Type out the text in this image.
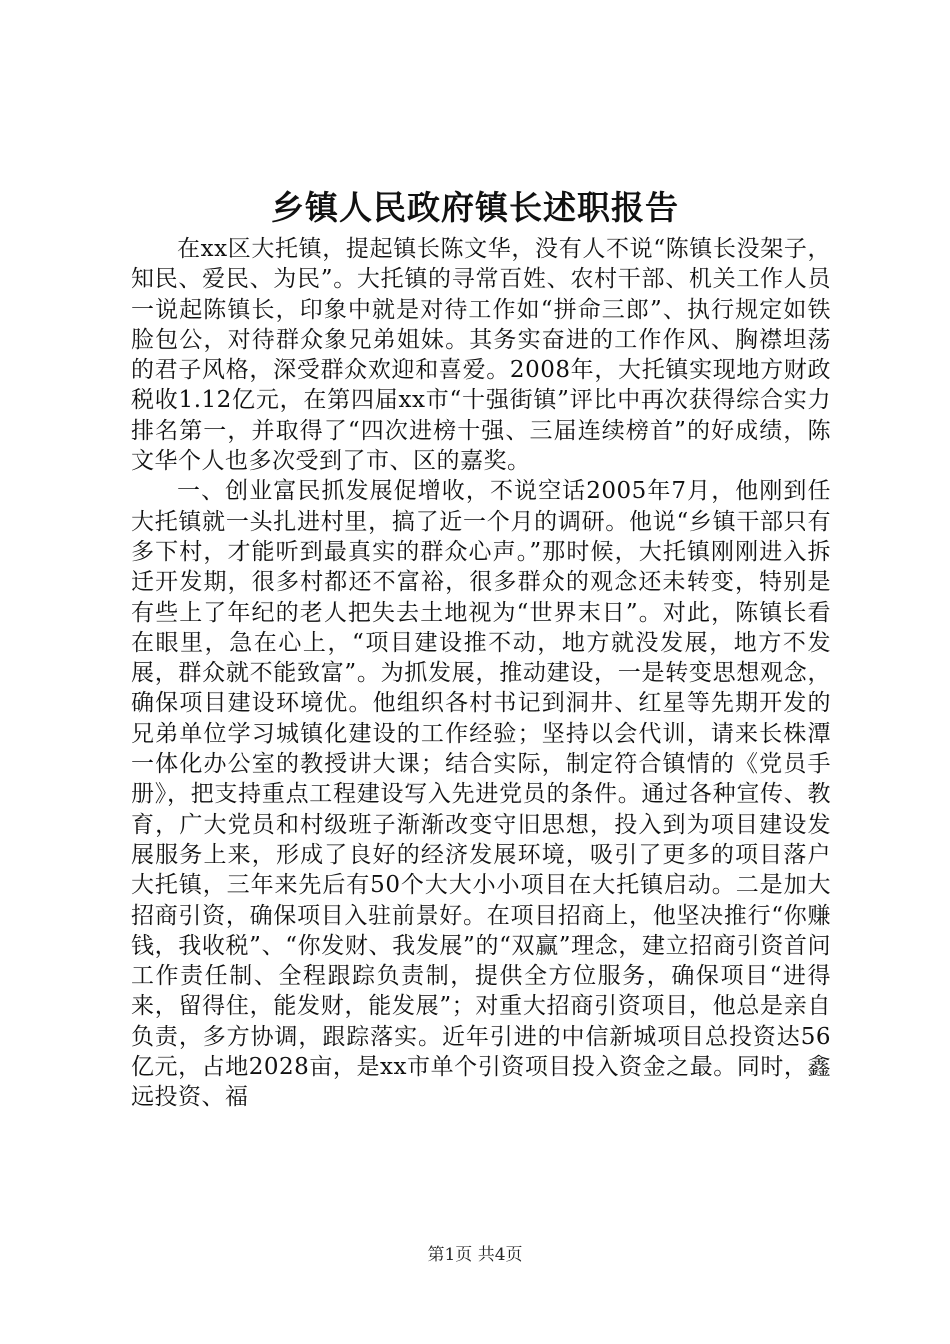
乡镇人民政府镇长述职报告

在xx区大托镇，提起镇长陈文华，没有人不说“陈镇长没架子，知民、爱民、为民”。大托镇的寻常百姓、农村干部、机关工作人员一说起陈镇长，印象中就是对待工作如“拼命三郎”、执行规定如铁脸包公，对待群众象兄弟姐妹。其务实奋进的工作作风、胸襟坦荡的君子风格，深受群众欢迎和喜爱。2008年，大托镇实现地方财政税收1.12亿元，在第四届xx市“十强街镇”评比中再次获得综合实力排名第一，并取得了“四次进榜十强、三届连续榜首”的好成绩，陈文华个人也多次受到了市、区的嘉奖。

一、创业富民抓发展促增收，不说空话2005年7月，他刚到任大托镇就一头扎进村里，搞了近一个月的调研。他说“乡镇干部只有多下村，才能听到最真实的群众心声。”那时候，大托镇刚刚进入拆迁开发期，很多村都还不富裕，很多群众的观念还未转变，特别是有些上了年纪的老人把失去土地视为“世界末日”。对此，陈镇长看在眼里，急在心上，“项目建设推不动，地方就没发展，地方不发展，群众就不能致富”。为抓发展，推动建设，一是转变思想观念，确保项目建设环境优。他组织各村书记到洞井、红星等先期开发的兄弟单位学习城镇化建设的工作经验；坚持以会代训，请来长株潭一体化办公室的教授讲大课；结合实际，制定符合镇情的《党员手册》，把支持重点工程建设写入先进党员的条件。通过各种宣传、教育，广大党员和村级班子渐渐改变守旧思想，投入到为项目建设发展服务上来，形成了良好的经济发展环境，吸引了更多的项目落户大托镇，三年来先后有50个大大小小项目在大托镇启动。二是加大招商引资，确保项目入驻前景好。在项目招商上，他坚决推行“你赚钱，我收税”、“你发财、我发展”的“双赢”理念，建立招商引资首问工作责任制、全程跟踪负责制，提供全方位服务，确保项目“进得来，留得住，能发财，能发展”；对重大招商引资项目，他总是亲自负责，多方协调，跟踪落实。近年引进的中信新城项目总投资达56亿元，占地2028亩，是xx市单个引资项目投入资金之最。同时，鑫远投资、福

第1页 共4页
